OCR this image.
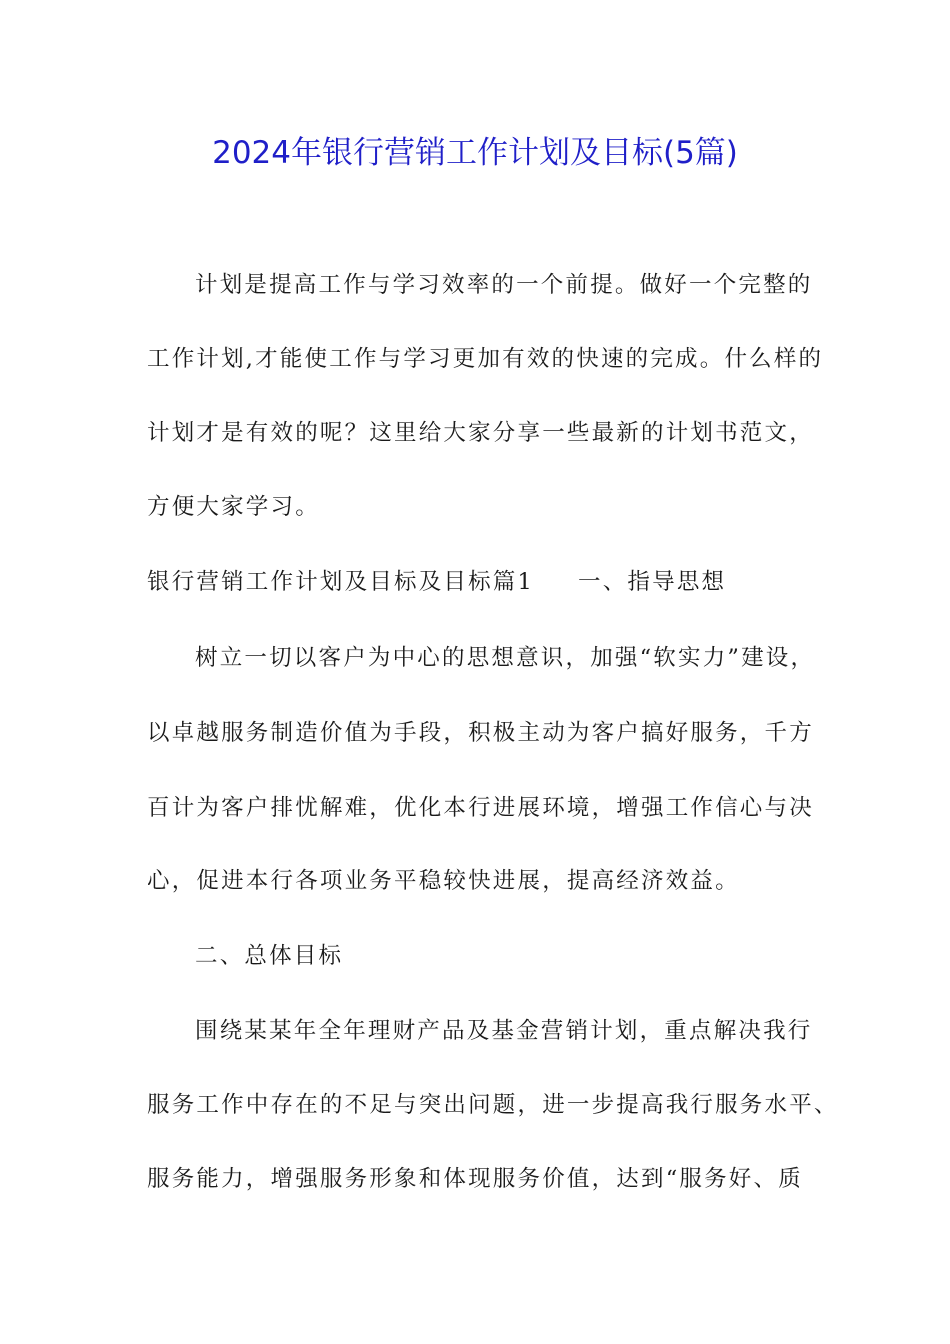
2024年银行营销工作计划及目标(5篇)
计划是提高工作与学习效率的一个前提。做好一个完整的
工作计划,才能使工作与学习更加有效的快速的完成。什么样的
计划才是有效的呢？这里给大家分享一些最新的计划书范文，
方便大家学习。
银行营销工作计划及目标及目标篇1 一、指导思想
树立一切以客户为中心的思想意识，加强“软实力”建设，
以卓越服务制造价值为手段，积极主动为客户搞好服务，千方
百计为客户排忧解难，优化本行进展环境，增强工作信心与决
心，促进本行各项业务平稳较快进展，提高经济效益。
二、总体目标
围绕某某年全年理财产品及基金营销计划，重点解决我行
服务工作中存在的不足与突出问题，进一步提高我行服务水平、
服务能力，增强服务形象和体现服务价值，达到“服务好、质
